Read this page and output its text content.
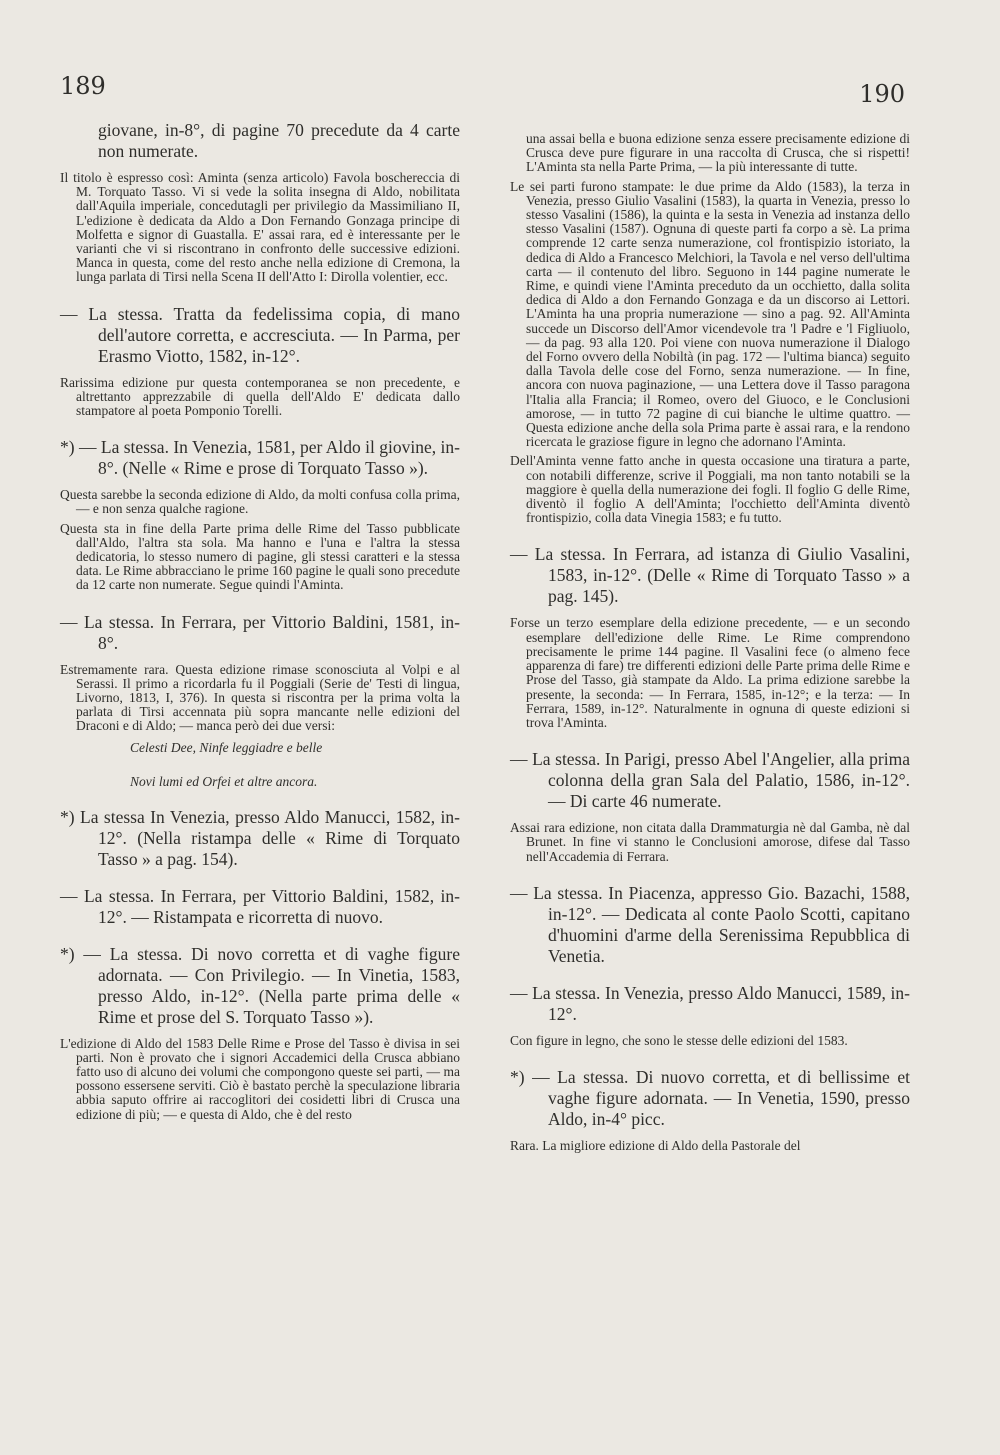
189	190

giovane, in-8°, di pagine 70 precedute da 4 carte non numerate.

Il titolo è espresso così: Aminta (senza articolo) Favola boschereccia di M. Torquato Tasso. Vi si vede la solita insegna di Aldo, nobilitata dall'Aquila imperiale, concedutagli per privilegio da Massimiliano II, L'edizione è dedicata da Aldo a Don Fernando Gonzaga principe di Molfetta e signor di Guastalla. E' assai rara, ed è interessante per le varianti che vi si riscontrano in confronto delle successive edizioni. Manca in questa, come del resto anche nella edizione di Cremona, la lunga parlata di Tirsi nella Scena II dell'Atto I: Dirolla volentier, ecc.

— La stessa. Tratta da fedelissima copia, di mano dell'autore corretta, e accresciuta. — In Parma, per Erasmo Viotto, 1582, in-12°.

Rarissima edizione pur questa contemporanea se non precedente, e altrettanto apprezzabile di quella dell'Aldo E' dedicata dallo stampatore al poeta Pomponio Torelli.

*) — La stessa. In Venezia, 1581, per Aldo il giovine, in-8°. (Nelle « Rime e prose di Torquato Tasso »).

Questa sarebbe la seconda edizione di Aldo, da molti confusa colla prima, — e non senza qualche ragione.

Questa sta in fine della Parte prima delle Rime del Tasso pubblicate dall'Aldo, l'altra sta sola. Ma hanno e l'una e l'altra la stessa dedicatoria, lo stesso numero di pagine, gli stessi caratteri e la stessa data. Le Rime abbracciano le prime 160 pagine le quali sono precedute da 12 carte non numerate. Segue quindi l'Aminta.

— La stessa. In Ferrara, per Vittorio Baldini, 1581, in-8°.

Estremamente rara. Questa edizione rimase sconosciuta al Volpi e al Serassi. Il primo a ricordarla fu il Poggiali (Serie de' Testi di lingua, Livorno, 1813, I, 376). In questa si riscontra per la prima volta la parlata di Tirsi accennata più sopra mancante nelle edizioni del Draconi e di Aldo; — manca però dei due versi:

Celesti Dee, Ninfe leggiadre e belle

Novi lumi ed Orfei et altre ancora.

*) La stessa In Venezia, presso Aldo Manucci, 1582, in-12°. (Nella ristampa delle « Rime di Torquato Tasso » a pag. 154).

— La stessa. In Ferrara, per Vittorio Baldini, 1582, in-12°. — Ristampata e ricorretta di nuovo.

*) — La stessa. Di novo corretta et di vaghe figure adornata. — Con Privilegio. — In Vinetia, 1583, presso Aldo, in-12°. (Nella parte prima delle « Rime et prose del S. Torquato Tasso »).

L'edizione di Aldo del 1583 Delle Rime e Prose del Tasso è divisa in sei parti. Non è provato che i signori Accademici della Crusca abbiano fatto uso di alcuno dei volumi che compongono queste sei parti, — ma possono essersene serviti. Ciò è bastato perchè la speculazione libraria abbia saputo offrire ai raccoglitori dei cosidetti libri di Crusca una edizione di più; — e questa di Aldo, che è del resto

una assai bella e buona edizione senza essere precisamente edizione di Crusca deve pure figurare in una raccolta di Crusca, che si rispetti! L'Aminta sta nella Parte Prima, — la più interessante di tutte.

Le sei parti furono stampate: le due prime da Aldo (1583), la terza in Venezia, presso Giulio Vasalini (1583), la quarta in Venezia, presso lo stesso Vasalini (1586), la quinta e la sesta in Venezia ad instanza dello stesso Vasalini (1587). Ognuna di queste parti fa corpo a sè. La prima comprende 12 carte senza numerazione, col frontispizio istoriato, la dedica di Aldo a Francesco Melchiori, la Tavola e nel verso dell'ultima carta — il contenuto del libro. Seguono in 144 pagine numerate le Rime, e quindi viene l'Aminta preceduto da un occhietto, dalla solita dedica di Aldo a don Fernando Gonzaga e da un discorso ai Lettori. L'Aminta ha una propria numerazione — sino a pag. 92. All'Aminta succede un Discorso dell'Amor vicendevole tra 'l Padre e 'l Figliuolo, — da pag. 93 alla 120. Poi viene con nuova numerazione il Dialogo del Forno ovvero della Nobiltà (in pag. 172 — l'ultima bianca) seguito dalla Tavola delle cose del Forno, senza numerazione. — In fine, ancora con nuova paginazione, — una Lettera dove il Tasso paragona l'Italia alla Francia; il Romeo, overo del Giuoco, e le Conclusioni amorose, — in tutto 72 pagine di cui bianche le ultime quattro. — Questa edizione anche della sola Prima parte è assai rara, e la rendono ricercata le graziose figure in legno che adornano l'Aminta.

Dell'Aminta venne fatto anche in questa occasione una tiratura a parte, con notabili differenze, scrive il Poggiali, ma non tanto notabili se la maggiore è quella della numerazione dei fogli. Il foglio G delle Rime, diventò il foglio A dell'Aminta; l'occhietto dell'Aminta diventò frontispizio, colla data Vinegia 1583; e fu tutto.

— La stessa. In Ferrara, ad istanza di Giulio Vasalini, 1583, in-12°. (Delle « Rime di Torquato Tasso » a pag. 145).

Forse un terzo esemplare della edizione precedente, — e un secondo esemplare dell'edizione delle Rime. Le Rime comprendono precisamente le prime 144 pagine. Il Vasalini fece (o almeno fece apparenza di fare) tre differenti edizioni delle Parte prima delle Rime e Prose del Tasso, già stampate da Aldo. La prima edizione sarebbe la presente, la seconda: — In Ferrara, 1585, in-12°; e la terza: — In Ferrara, 1589, in-12°. Naturalmente in ognuna di queste edizioni si trova l'Aminta.

— La stessa. In Parigi, presso Abel l'Angelier, alla prima colonna della gran Sala del Palatio, 1586, in-12°. — Di carte 46 numerate.

Assai rara edizione, non citata dalla Drammaturgia nè dal Gamba, nè dal Brunet. In fine vi stanno le Conclusioni amorose, difese dal Tasso nell'Accademia di Ferrara.

— La stessa. In Piacenza, appresso Gio. Bazachi, 1588, in-12°. — Dedicata al conte Paolo Scotti, capitano d'huomini d'arme della Serenissima Repubblica di Venetia.

— La stessa. In Venezia, presso Aldo Manucci, 1589, in-12°.

Con figure in legno, che sono le stesse delle edizioni del 1583.

*) — La stessa. Di nuovo corretta, et di bellissime et vaghe figure adornata. — In Venetia, 1590, presso Aldo, in-4° picc.

Rara. La migliore edizione di Aldo della Pastorale del
